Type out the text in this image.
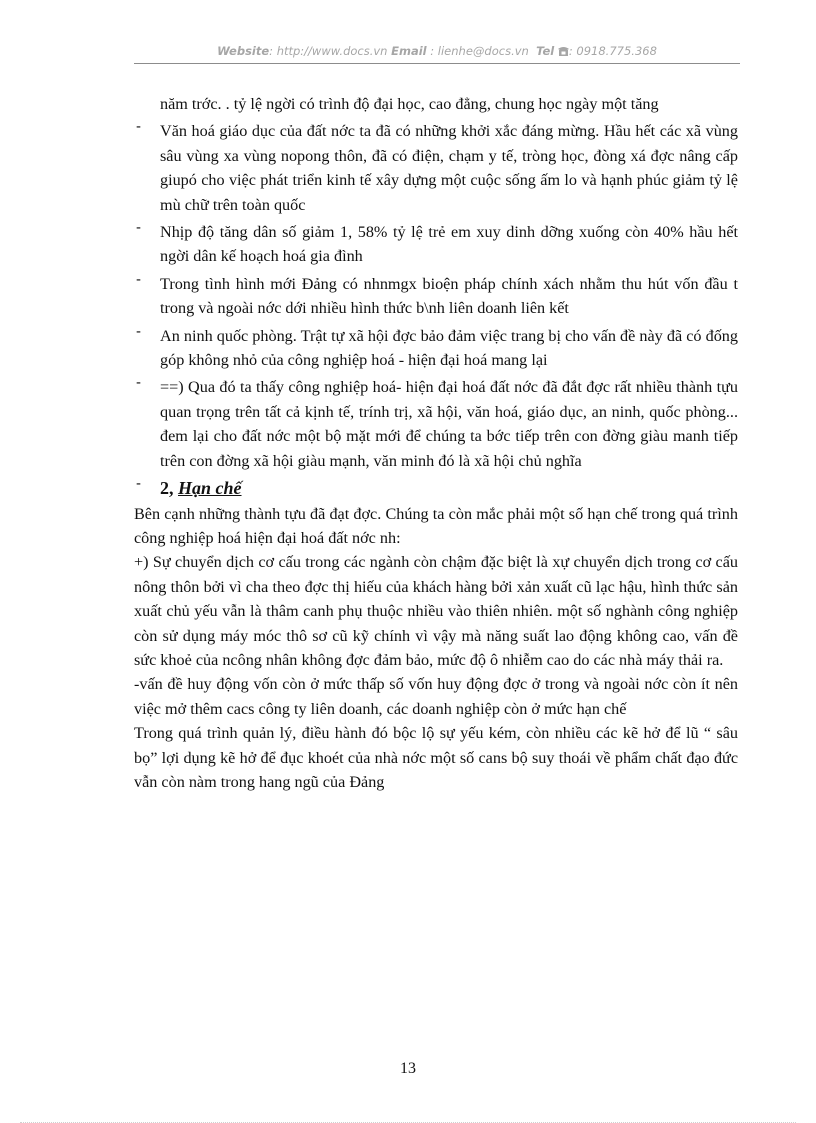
Website: http://www.docs.vn Email : lienhe@docs.vn Tel : 0918.775.368

năm trớc. . tỷ lệ ngời có trình độ đại học, cao đẳng, chung học ngày một tăng

- Văn hoá giáo dục của đất nớc ta đã có những khởi xắc đáng mừng. Hầu hết các xã vùng sâu vùng xa vùng nopong thôn, đã có điện, chạm y tế, tròng học, đòng xá đợc nâng cấp giupó cho việc phát triển kinh tế xây dựng một cuộc sống ấm lo và hạnh phúc giảm tỷ lệ mù chữ trên toàn quốc
- Nhịp độ tăng dân số giảm 1, 58% tỷ lệ trẻ em xuy dinh dỡng xuống còn 40% hầu hết ngời dân kế hoạch hoá gia đình
- Trong tình hình mới Đảng có nhnmgx bioện pháp chính xách nhằm thu hút vốn đầu t trong và ngoài nớc dới nhiều hình thức b\nh liên doanh liên kết
- An ninh quốc phòng. Trật tự xã hội đợc bảo đảm việc trang bị cho vấn đề này đã có đống góp không nhỏ của công nghiệp hoá - hiện đại hoá mang lại
- ==) Qua đó ta thấy công nghiệp hoá- hiện đại hoá đất nớc đã đắt đợc rất nhiều thành tựu quan trọng trên tất cả kịnh tế, trính trị, xã hội, văn hoá, giáo dục, an ninh, quốc phòng... đem lại cho đất nớc một bộ mặt mới để chúng ta bớc tiếp trên con đờng giàu manh tiếp trên con đờng xã hội giàu mạnh, văn minh đó là xã hội chủ nghĩa
- 2, Hạn chế

Bên cạnh những thành tựu đã đạt đợc. Chúng ta còn mắc phải một số hạn chế trong quá trình công nghiệp hoá hiện đại hoá đất nớc nh:

+) Sự chuyển dịch cơ cấu trong các ngành còn chậm đặc biệt là xự chuyển dịch trong cơ cấu nông thôn bởi vì cha theo đợc thị hiếu của khách hàng bởi xản xuất cũ lạc hậu, hình thức sản xuất chủ yếu vẫn là thâm canh phụ thuộc nhiều vào thiên nhiên. một số nghành công nghiệp còn sử dụng máy móc thô sơ cũ kỹ chính vì vậy mà năng suất lao động không cao, vấn đề sức khoẻ của ncông nhân không đợc đảm bảo, mức độ ô nhiễm cao do các nhà máy thải ra.

-vấn đề huy động vốn còn ở mức thấp số vốn huy động đợc ở trong và ngoài nớc còn ít nên việc mở thêm cacs công ty liên doanh, các doanh nghiệp còn ở mức hạn chế

Trong quá trình quản lý, điều hành đó bộc lộ sự yếu kém, còn nhiều các kẽ hở để lũ “ sâu bọ” lợi dụng kẽ hở để đục khoét của nhà nớc một số cans bộ suy thoái về phẩm chất đạo đức vẫn còn nàm trong hang ngũ của Đảng

13
